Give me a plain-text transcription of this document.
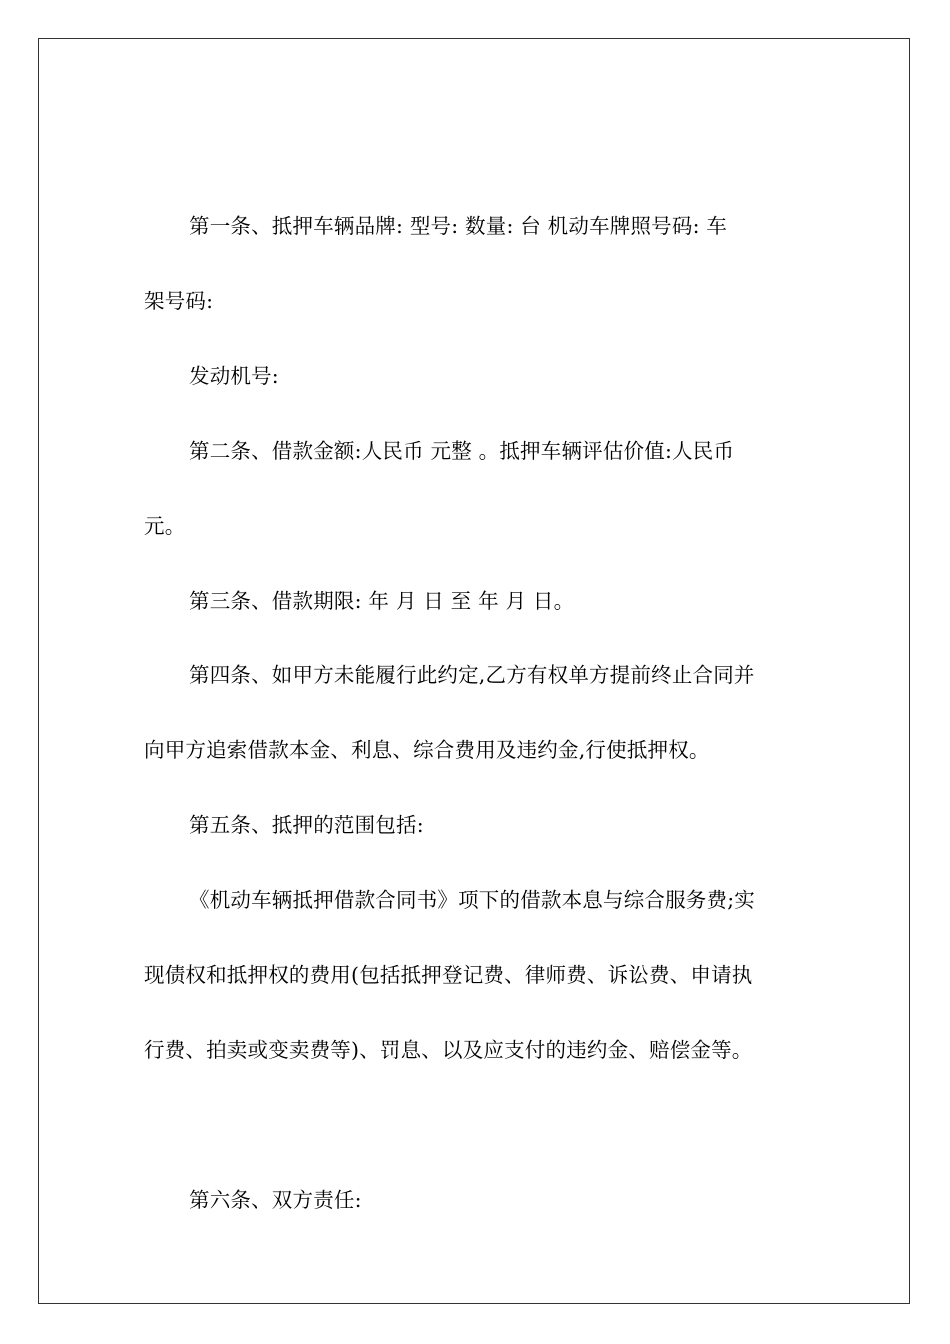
第一条、抵押车辆品牌: 型号: 数量: 台 机动车牌照号码: 车
架号码:
发动机号:
第二条、借款金额:人民币 元整 。抵押车辆评估价值:人民币
元。
第三条、借款期限: 年 月 日 至 年 月 日。
第四条、如甲方未能履行此约定,乙方有权单方提前终止合同并
向甲方追索借款本金、利息、综合费用及违约金,行使抵押权。
第五条、抵押的范围包括:
《机动车辆抵押借款合同书》项下的借款本息与综合服务费;实
现债权和抵押权的费用(包括抵押登记费、律师费、诉讼费、申请执
行费、拍卖或变卖费等)、罚息、以及应支付的违约金、赔偿金等。
第六条、双方责任:
